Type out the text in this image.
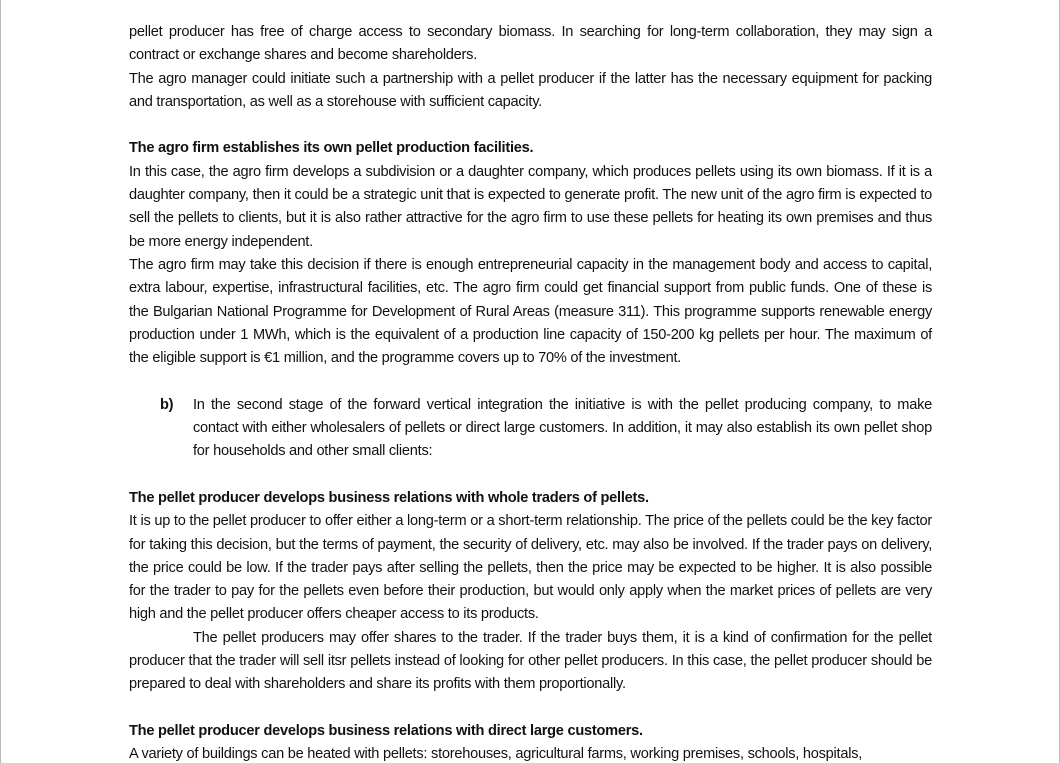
pellet producer has free of charge access to secondary biomass. In searching for long-term collaboration, they may sign a contract or exchange shares and become shareholders.

The agro manager could initiate such a partnership with a pellet producer if the latter has the necessary equipment for packing and transportation, as well as a storehouse with sufficient capacity.

The agro firm establishes its own pellet production facilities.

In this case, the agro firm develops a subdivision or a daughter company, which produces pellets using its own biomass. If it is a daughter company, then it could be a strategic unit that is expected to generate profit. The new unit of the agro firm is expected to sell the pellets to clients, but it is also rather attractive for the agro firm to use these pellets for heating its own premises and thus be more energy independent.

The agro firm may take this decision if there is enough entrepreneurial capacity in the management body and access to capital, extra labour, expertise, infrastructural facilities, etc. The agro firm could get financial support from public funds. One of these is the Bulgarian National Programme for Development of Rural Areas (measure 311). This programme supports renewable energy production under 1 MWh, which is the equivalent of a production line capacity of 150-200 kg pellets per hour. The maximum of the eligible support is €1 million, and the programme covers up to 70% of the investment.

b) In the second stage of the forward vertical integration the initiative is with the pellet producing company, to make contact with either wholesalers of pellets or direct large customers. In addition, it may also establish its own pellet shop for households and other small clients:

The pellet producer develops business relations with whole traders of pellets.

It is up to the pellet producer to offer either a long-term or a short-term relationship. The price of the pellets could be the key factor for taking this decision, but the terms of payment, the security of delivery, etc. may also be involved. If the trader pays on delivery, the price could be low. If the trader pays after selling the pellets, then the price may be expected to be higher. It is also possible for the trader to pay for the pellets even before their production, but would only apply when the market prices of pellets are very high and the pellet producer offers cheaper access to its products.

The pellet producers may offer shares to the trader. If the trader buys them, it is a kind of confirmation for the pellet producer that the trader will sell itsr pellets instead of looking for other pellet producers. In this case, the pellet producer should be prepared to deal with shareholders and share its profits with them proportionally.

The pellet producer develops business relations with direct large customers.

A variety of buildings can be heated with pellets: storehouses, agricultural farms, working premises, schools, hospitals,
